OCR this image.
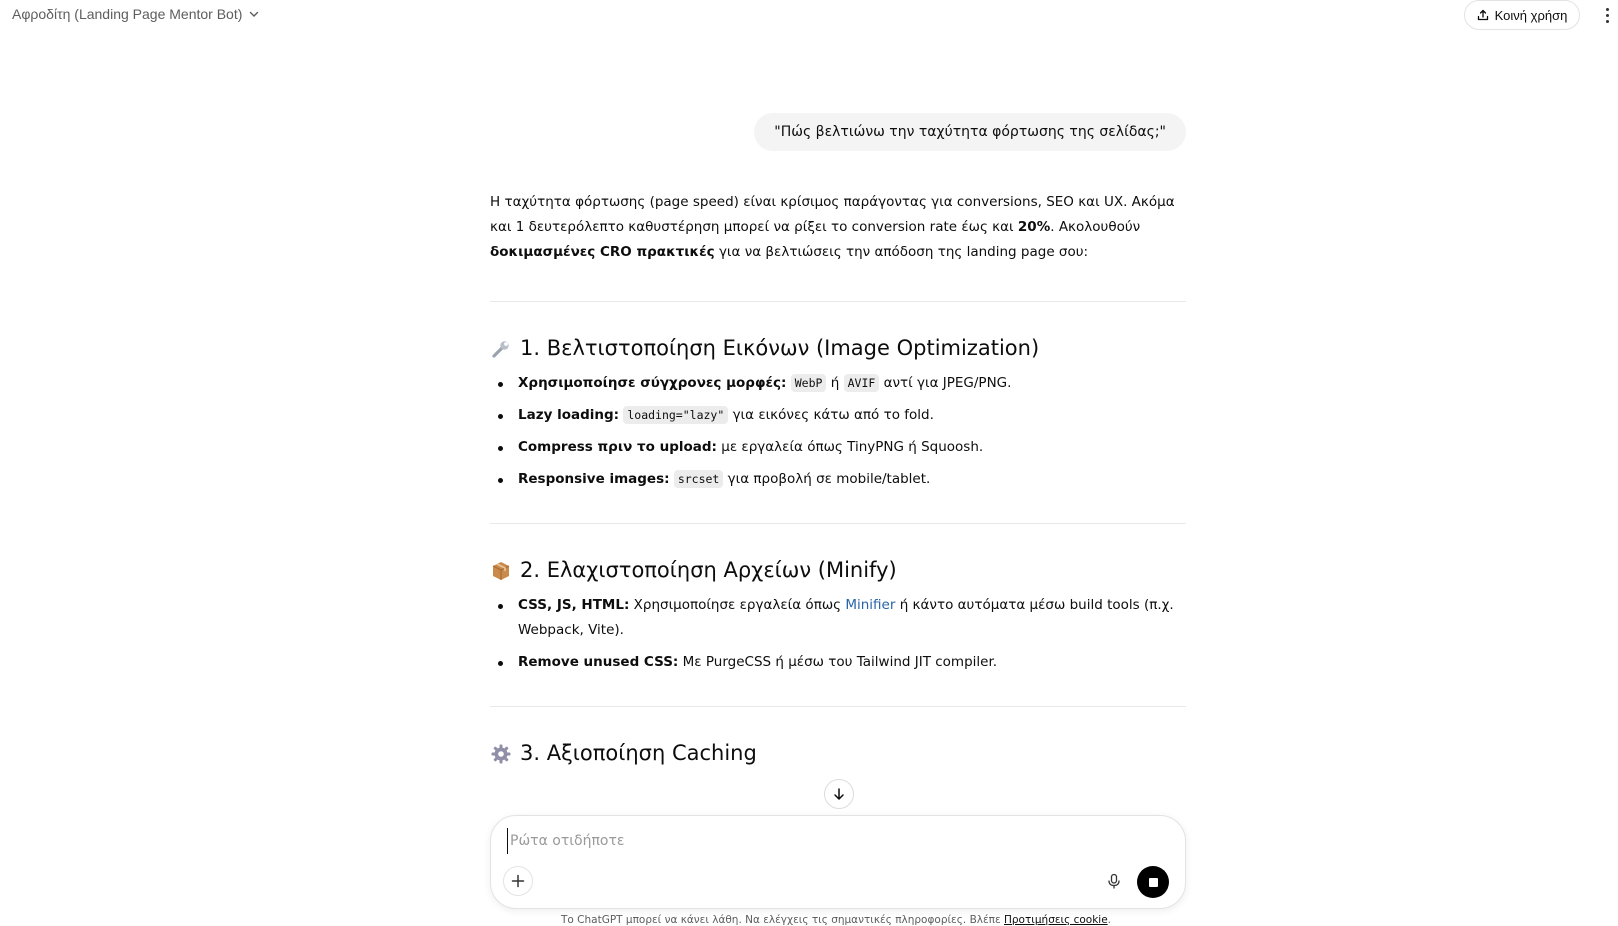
Αφροδίτη (Landing Page Mentor Bot)	Κοινή χρήση
"Πώς βελτιώνω την ταχύτητα φόρτωσης της σελίδας;"

Η ταχύτητα φόρτωσης (page speed) είναι κρίσιμος παράγοντας για conversions, SEO και UX. Ακόμα και 1 δευτερόλεπτο καθυστέρηση μπορεί να ρίξει το conversion rate έως και 20%. Ακολουθούν δοκιμασμένες CRO πρακτικές για να βελτιώσεις την απόδοση της landing page σου:

1. Βελτιστοποίηση Εικόνων (Image Optimization)
Χρησιμοποίησε σύγχρονες μορφές: WebP ή AVIF αντί για JPEG/PNG.
Lazy loading: loading="lazy" για εικόνες κάτω από το fold.
Compress πριν το upload: με εργαλεία όπως TinyPNG ή Squoosh.
Responsive images: srcset για προβολή σε mobile/tablet.
2. Ελαχιστοποίηση Αρχείων (Minify)
CSS, JS, HTML: Χρησιμοποίησε εργαλεία όπως Minifier ή κάντο αυτόματα μέσω build tools (π.χ. Webpack, Vite).
Remove unused CSS: Με PurgeCSS ή μέσω του Tailwind JIT compiler.
3. Αξιοποίηση Caching
Ρώτα οτιδήποτε
Το ChatGPT μπορεί να κάνει λάθη. Να ελέγχεις τις σημαντικές πληροφορίες. Βλέπε Προτιμήσεις cookie.
